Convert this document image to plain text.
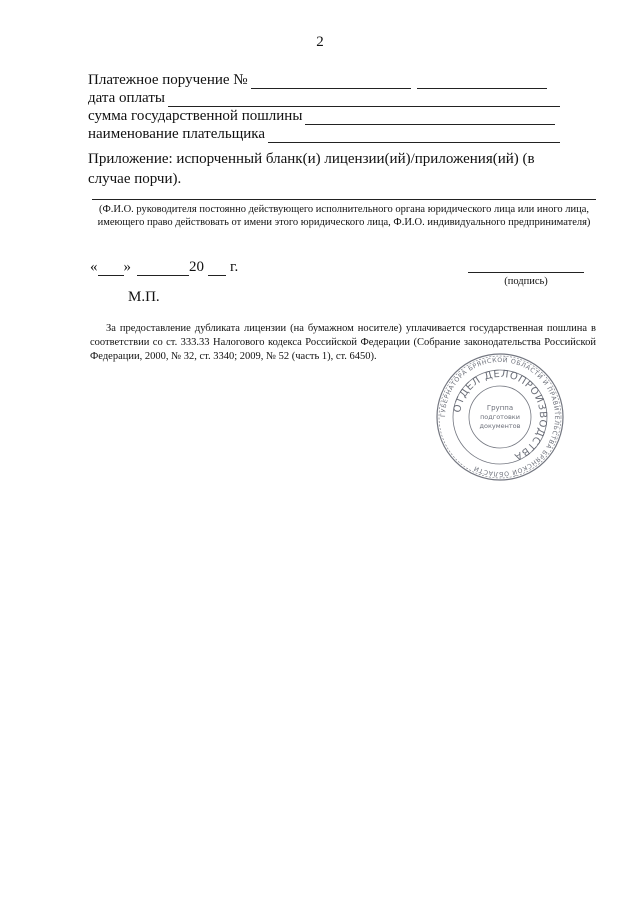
2
Платежное поручение №
дата оплаты
сумма государственной пошлины
наименование плательщика
Приложение: испорченный бланк(и) лицензии(ий)/приложения(ий) (в случае порчи).
(Ф.И.О. руководителя постоянно действующего исполнительного органа юридического лица или иного лица, имеющего право действовать от имени этого юридического лица, Ф.И.О. индивидуального предпринимателя)
« »	20 г.
(подпись)
М.П.
За предоставление дубликата лицензии (на бумажном носителе) уплачивается государственная пошлина в соответствии со ст. 333.33 Налогового кодекса Российской Федерации (Собрание законодательства Российской Федерации, 2000, № 32, ст. 3340; 2009, № 52 (часть 1), ст. 6450).
ГУБЕРНАТОРА БРЯНСКОЙ ОБЛАСТИ И ПРАВИТЕЛЬСТВА БРЯНСКОЙ ОБЛАСТИ
ОТДЕЛ ДЕЛОПРОИЗВОДСТВА
Группа
подготовки
документов
